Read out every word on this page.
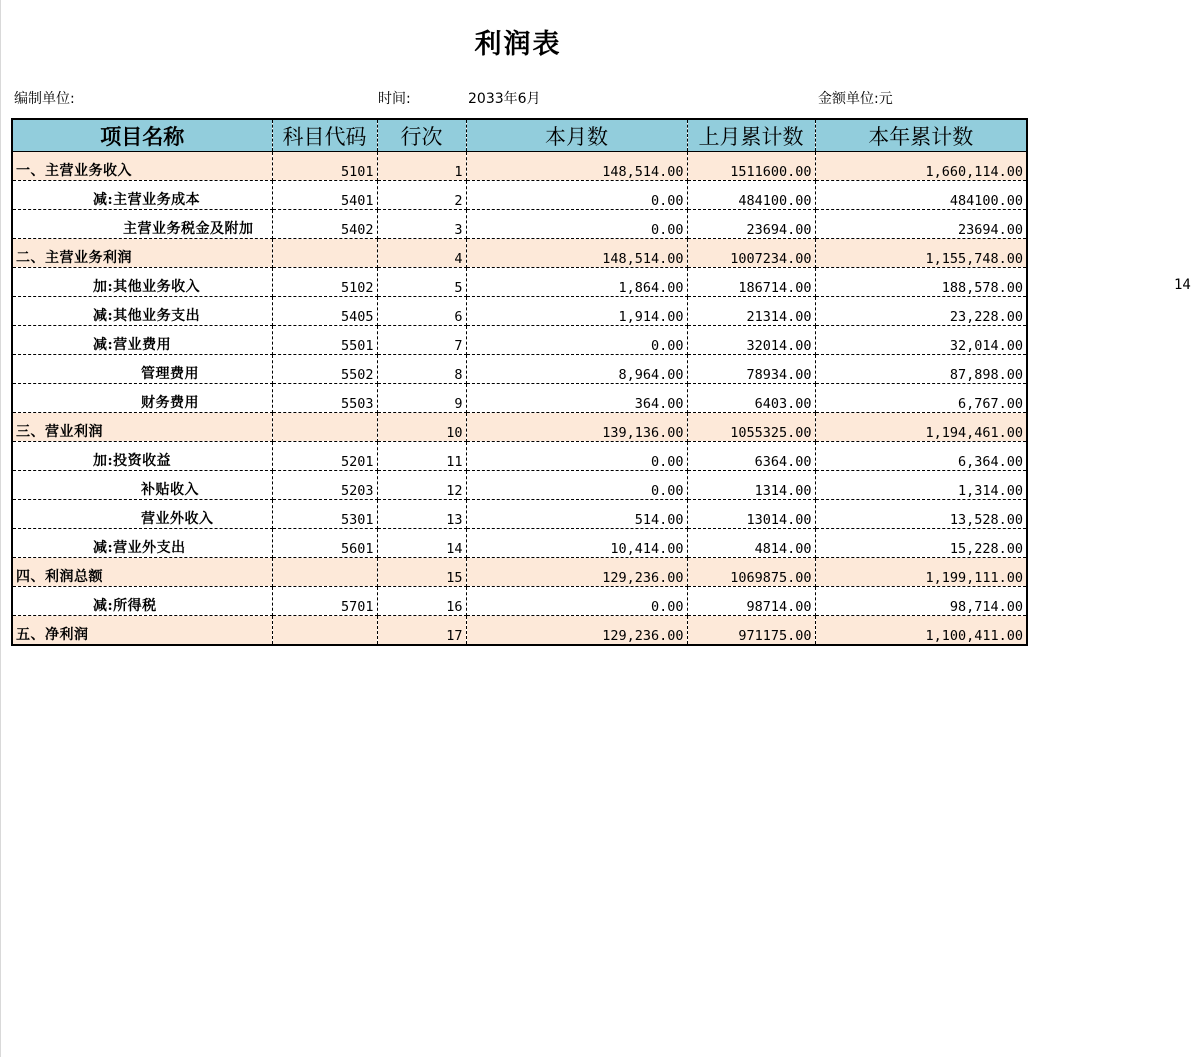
利润表
编制单位:	时间:	2033年6月	金额单位:元
项目名称	科目代码	行次	本月数	上月累计数	本年累计数
一、主营业务收入	5101	1	148,514.00	1511600.00	1,660,114.00
减:主营业务成本	5401	2	0.00	484100.00	484100.00
主营业务税金及附加	5402	3	0.00	23694.00	23694.00
二、主营业务利润		4	148,514.00	1007234.00	1,155,748.00
加:其他业务收入	5102	5	1,864.00	186714.00	188,578.00
减:其他业务支出	5405	6	1,914.00	21314.00	23,228.00
减:营业费用	5501	7	0.00	32014.00	32,014.00
管理费用	5502	8	8,964.00	78934.00	87,898.00
财务费用	5503	9	364.00	6403.00	6,767.00
三、营业利润		10	139,136.00	1055325.00	1,194,461.00
加:投资收益	5201	11	0.00	6364.00	6,364.00
补贴收入	5203	12	0.00	1314.00	1,314.00
营业外收入	5301	13	514.00	13014.00	13,528.00
减:营业外支出	5601	14	10,414.00	4814.00	15,228.00
四、利润总额		15	129,236.00	1069875.00	1,199,111.00
减:所得税	5701	16	0.00	98714.00	98,714.00
五、净利润		17	129,236.00	971175.00	1,100,411.00
14
